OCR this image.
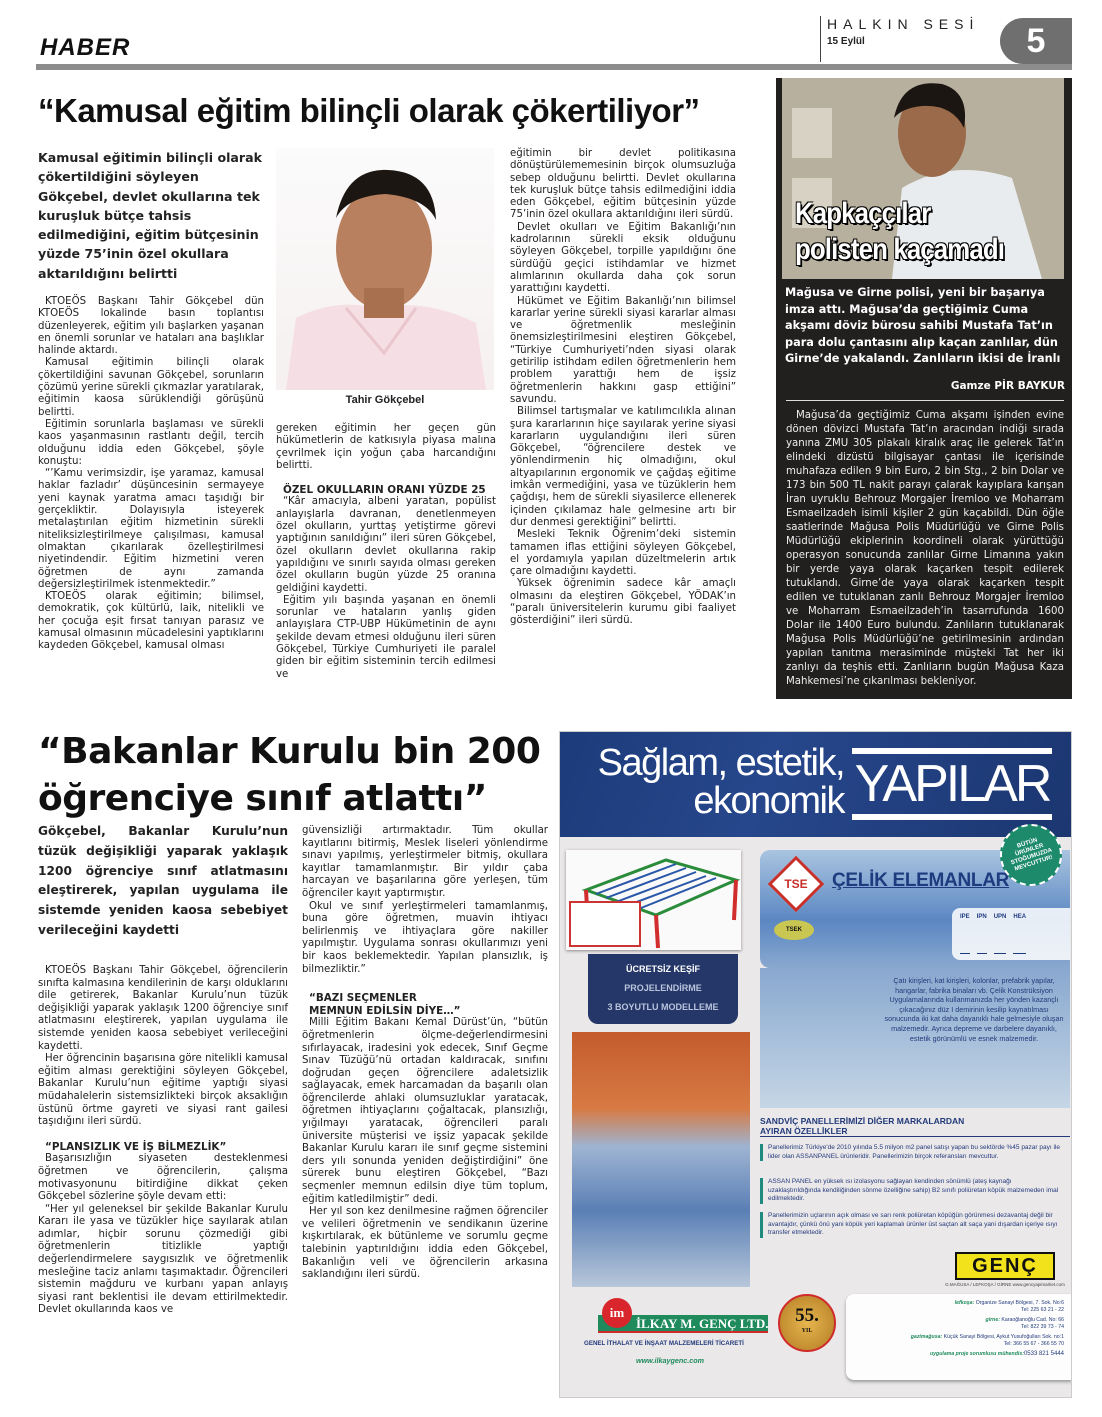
HABER
HALKIN SESİ
15 Eylül	5
“Kamusal eğitim bilinçli olarak çökertiliyor”
Kamusal eğitimin bilinçli olarak çökertildiğini söyleyen Gökçebel, devlet okullarına tek kuruşluk bütçe tahsis edilmediğini, eğitim bütçesinin yüzde 75’inin özel okullara aktarıldığını belirtti

KTOEÖS Başkanı Tahir Gökçebel dün KTOEÖS lokalinde basın toplantısı düzenleyerek, eğitim yılı başlarken yaşanan en önemli sorunlar ve hataları ana başlıklar halinde aktardı.

Kamusal eğitimin bilinçli olarak çökertildiğini savunan Gökçebel, sorunların çözümü yerine sürekli çıkmazlar yaratılarak, eğitimin kaosa sürüklendiği görüşünü belirtti.

Eğitimin sorunlarla başlaması ve sürekli kaos yaşanmasının rastlantı değil, tercih olduğunu iddia eden Gökçebel, şöyle konuştu:

“’Kamu verimsizdir, işe yaramaz, kamusal haklar fazladır’ düşüncesinin sermayeye yeni kaynak yaratma amacı taşıdığı bir gerçekliktir. Dolayısıyla isteyerek metalaştırılan eğitim hizmetinin sürekli niteliksizleştirilmeye çalışılması, kamusal olmaktan çıkarılarak özelleştirilmesi niyetindendir. Eğitim hizmetini veren öğretmen de aynı zamanda değersizleştirilmek istenmektedir.”

KTOEÖS olarak eğitimin; bilimsel, demokratik, çok kültürlü, laik, nitelikli ve her çocuğa eşit fırsat tanıyan parasız ve kamusal olmasının mücadelesini yaptıklarını kaydeden Gökçebel, kamusal olması

Tahir Gökçebel

gereken eğitimin her geçen gün hükümetlerin de katkısıyla piyasa malına çevrilmek için yoğun çaba harcandığını belirtti.

ÖZEL OKULLARIN ORANI YÜZDE 25

“Kâr amacıyla, albeni yaratan, popülist anlayışlarla davranan, denetlenmeyen özel okulların, yurttaş yetiştirme görevi yaptığının sanıldığını” ileri süren Gökçebel, özel okulların devlet okullarına rakip yapıldığını ve sınırlı sayıda olması gereken özel okulların bugün yüzde 25 oranına geldiğini kaydetti.

Eğitim yılı başında yaşanan en önemli sorunlar ve hataların yanlış giden anlayışlara CTP-UBP Hükümetinin de aynı şekilde devam etmesi olduğunu ileri süren Gökçebel, Türkiye Cumhuriyeti ile paralel giden bir eğitim sisteminin tercih edilmesi ve

eğitimin bir devlet politikasına dönüştürülememesinin birçok olumsuzluğa sebep olduğunu belirtti. Devlet okullarına tek kuruşluk bütçe tahsis edilmediğini iddia eden Gökçebel, eğitim bütçesinin yüzde 75’inin özel okullara aktarıldığını ileri sürdü.

Devlet okulları ve Eğitim Bakanlığı’nın kadrolarının sürekli eksik olduğunu söyleyen Gökçebel, torpille yapıldığını öne sürdüğü geçici istihdamlar ve hizmet alımlarının okullarda daha çok sorun yarattığını kaydetti.

Hükümet ve Eğitim Bakanlığı’nın bilimsel kararlar yerine sürekli siyasi kararlar alması ve öğretmenlik mesleğinin önemsizleştirilmesini eleştiren Gökçebel, “Türkiye Cumhuriyeti’nden siyasi olarak getirilip istihdam edilen öğretmenlerin hem problem yarattığı hem de işsiz öğretmenlerin hakkını gasp ettiğini” savundu.

Bilimsel tartışmalar ve katılımcılıkla alınan şura kararlarının hiçe sayılarak yerine siyasi kararların uygulandığını ileri süren Gökçebel, “öğrencilere destek ve yönlendirmenin hiç olmadığını, okul altyapılarının ergonomik ve çağdaş eğitime imkân vermediğini, yasa ve tüzüklerin hem çağdışı, hem de sürekli siyasilerce ellenerek içinden çıkılamaz hale gelmesine artı bir dur denmesi gerektiğini” belirtti.

Mesleki Teknik Öğrenim’deki sistemin tamamen iflas ettiğini söyleyen Gökçebel, el yordamıyla yapılan düzeltmelerin artık çare olmadığını kaydetti.

Yüksek öğrenimin sadece kâr amaçlı olmasını da eleştiren Gökçebel, YÖDAK’ın “paralı üniversitelerin kurumu gibi faaliyet gösterdiğini” ileri sürdü.

Kapkaççılar
polisten kaçamadı
Mağusa ve Girne polisi, yeni bir başarıya imza attı. Mağusa’da geçtiğimiz Cuma akşamı döviz bürosu sahibi Mustafa Tat’ın para dolu çantasını alıp kaçan zanlılar, dün Girne’de yakalandı. Zanlıların ikisi de İranlı
Gamze PİR BAYKUR

Mağusa’da geçtiğimiz Cuma akşamı işinden evine dönen dövizci Mustafa Tat’ın aracından indiği sırada yanına ZMU 305 plakalı kiralık araç ile gelerek Tat’ın elindeki dizüstü bilgisayar çantası ile içerisinde muhafaza edilen 9 bin Euro, 2 bin Stg., 2 bin Dolar ve 173 bin 500 TL nakit parayı çalarak kayıplara karışan İran uyruklu Behrouz Morgajer İremloo ve Moharram Esmaeilzadeh isimli kişiler 2 gün kaçabildi. Dün öğle saatlerinde Mağusa Polis Müdürlüğü ve Girne Polis Müdürlüğü ekiplerinin koordineli olarak yürüttüğü operasyon sonucunda zanlılar Girne Limanına yakın bir yerde yaya olarak kaçarken tespit edilerek tutuklandı. Girne’de yaya olarak kaçarken tespit edilen ve tutuklanan zanlı Behrouz Morgajer İremloo ve Moharram Esmaeilzadeh’in tasarrufunda 1600 Dolar ile 1400 Euro bulundu. Zanlıların tutuklanarak Mağusa Polis Müdürlüğü’ne getirilmesinin ardından yapılan tanıtma merasiminde müşteki Tat her iki zanlıyı da teşhis etti. Zanlıların bugün Mağusa Kaza Mahkemesi’ne çıkarılması bekleniyor.

“Bakanlar Kurulu bin 200
öğrenciye sınıf atlattı”
Gökçebel, Bakanlar Kurulu’nun tüzük değişikliği yaparak yaklaşık 1200 öğrenciye sınıf atlatmasını eleştirerek, yapılan uygulama ile sistemde yeniden kaosa sebebiyet verileceğini kaydetti

KTOEÖS Başkanı Tahir Gökçebel, öğrencilerin sınıfta kalmasına kendilerinin de karşı olduklarını dile getirerek, Bakanlar Kurulu’nun tüzük değişikliği yaparak yaklaşık 1200 öğrenciye sınıf atlatmasını eleştirerek, yapılan uygulama ile sistemde yeniden kaosa sebebiyet verileceğini kaydetti.

Her öğrencinin başarısına göre nitelikli kamusal eğitim alması gerektiğini söyleyen Gökçebel, Bakanlar Kurulu’nun eğitime yaptığı siyasi müdahalelerin sistemsizlikteki birçok aksaklığın üstünü örtme gayreti ve siyasi rant gailesi taşıdığını ileri sürdü.

“PLANSIZLIK VE İŞ BİLMEZLİK”

Başarısızlığın siyaseten desteklenmesi öğretmen ve öğrencilerin, çalışma motivasyonunu bitirdiğine dikkat çeken Gökçebel sözlerine şöyle devam etti:

“Her yıl geleneksel bir şekilde Bakanlar Kurulu Kararı ile yasa ve tüzükler hiçe sayılarak atılan adımlar, hiçbir sorunu çözmediği gibi öğretmenlerin titizlikle yaptığı değerlendirmelere saygısızlık ve öğretmenlik mesleğine taciz anlamı taşımaktadır. Öğrencileri sistemin mağduru ve kurbanı yapan anlayış siyasi rant beklentisi ile devam ettirilmektedir. Devlet okullarında kaos ve

güvensizliği artırmaktadır. Tüm okullar kayıtlarını bitirmiş, Meslek liseleri yönlendirme sınavı yapılmış, yerleştirmeler bitmiş, okullara kayıtlar tamamlanmıştır. Bir yıldır çaba harcayan ve başarılarına göre yerleşen, tüm öğrenciler kayıt yaptırmıştır.

Okul ve sınıf yerleştirmeleri tamamlanmış, buna göre öğretmen, muavin ihtiyacı belirlenmiş ve ihtiyaçlara göre nakiller yapılmıştır. Uygulama sonrası okullarımızı yeni bir kaos beklemektedir. Yapılan plansızlık, iş bilmezliktir.”

“BAZI SEÇMENLER
MEMNUN EDİLSİN DİYE…”

Milli Eğitim Bakanı Kemal Dürüst’ün, “bütün öğretmenlerin ölçme-değerlendirmesini sıfırlayacak, iradesini yok edecek, Sınıf Geçme Sınav Tüzüğü’nü ortadan kaldıracak, sınıfını doğrudan geçen öğrencilere adaletsizlik sağlayacak, emek harcamadan da başarılı olan öğrencilerde ahlaki olumsuzluklar yaratacak, öğretmen ihtiyaçlarını çoğaltacak, plansızlığı, yığılmayı yaratacak, öğrencileri paralı üniversite müşterisi ve işsiz yapacak şekilde Bakanlar Kurulu kararı ile sınıf geçme sistemini ders yılı sonunda yeniden değiştirdiğini” öne sürerek bunu eleştiren Gökçebel, “Bazı seçmenler memnun edilsin diye tüm toplum, eğitim katledilmiştir” dedi.

Her yıl son kez denilmesine rağmen öğrenciler ve velileri öğretmenin ve sendikanın üzerine kışkırtılarak, ek bütünleme ve sorumlu geçme talebinin yaptırıldığını iddia eden Gökçebel, Bakanlığın veli ve öğrencilerin arkasına saklandığını ileri sürdü.

Sağlam, estetik,
ekonomik YAPILAR
ÜCRETSİZ KEŞİF
PROJELENDİRME
3 BOYUTLU MODELLEME
TSE ÇELİK ELEMANLAR
TSEK
IPE IPN UPN HEA
BÜTÜN ÜRÜNLER STOĞUMUZDA MEVCUTTUR!
Çatı kirişleri, kat kirişleri, kolonlar, prefabrik yapılar, hangarlar, fabrika binaları vb. Çelik Konstrüksiyon Uygulamalarında kullanmanızda her yönden kazançlı çıkacağınız düz I demirinin kesilip kaynatılması sonucunda iki kat daha dayanıklı hale gelmesiyle oluşan malzemedir. Ayrıca depreme ve darbelere dayanıklı, estetik görünümlü ve esnek malzemedir.
SANDVİÇ PANELLERİMİZİ DİĞER MARKALARDAN
AYIRAN ÖZELLİKLER
Panellerimiz Türkiye'de 2010 yılında 5.5 milyon m2 panel satışı yapan bu sektörde %45 pazar payı ile lider olan ASSANPANEL ürünleridir. Panellerimizin birçok referansları mevcuttur.
ASSAN PANEL en yüksek ısı izolasyonu sağlayan kendinden sönümlü (ateş kaynağı uzaklaştırıldığında kendiliğinden sönme özelliğine sahip) B2 sınıfı poliüretan köpük malzemeden imal edilmektedir.
Panellerimizin uçlarının açık olması ve sarı renk poliüretan köpüğün görünmesi dezavantaj değil bir avantajdır, çünkü önü yani köpük yeri kaplamalı ürünler üst saçtan alt saça yani dışardan içeriye ısıyı transfer etmektedir.
GENÇ
G.MAĞUSA / LEFKOŞA / GİRNE www.gencyapimarket.com
İLKAY M. GENÇ LTD.
im
GENEL İTHALAT VE İNŞAAT MALZEMELERİ TİCARETİ
www.ilkaygenc.com
55.
YIL
lefkoşa: Organize Sanayi Bölgesi, 7. Sok. No:6
Tel: 225 63 21 - 22
girne: Karaoğlanoğlu Cad. No: 66
Tel: 822 39 73 - 74
gazimağusa: Küçük Sanayi Bölgesi, Aykut Yusufoğulları Sok. no:1
Tel: 366 55 67 - 366 55 70
uygulama proje sorumlusu mühendis:0533 821 5444
